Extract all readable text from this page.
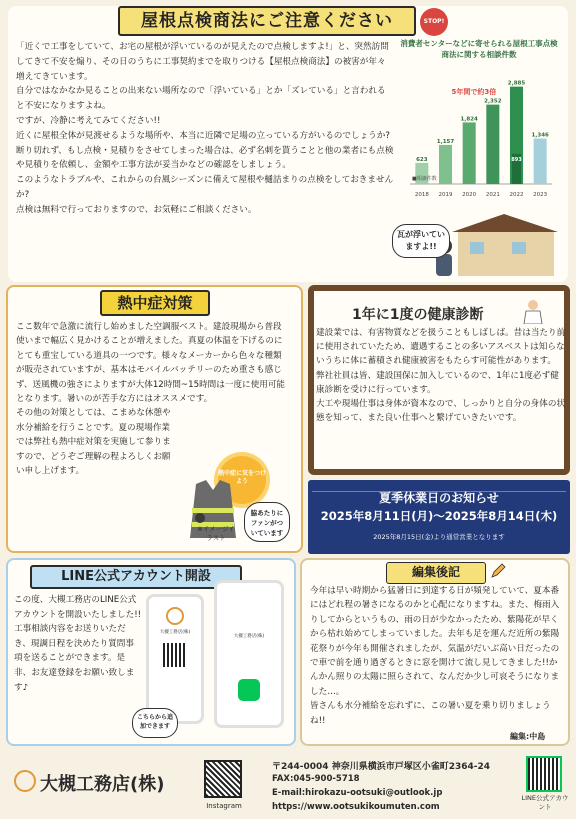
屋根点検商法にご注意ください	STOP!

「近くで工事をしていて、お宅の屋根が浮いているのが見えたので点検しますよ!」と、突然訪問してきて不安を煽り、その日のうちに工事契約までを取りつける【屋根点検商法】の被害が年々増えてきています。

自分ではなかなか見ることの出来ない場所なので「浮いている」とか「ズレている」と言われると不安になりますよね。

ですが、冷静に考えてみてください!!

近くに屋根全体が見渡せるような場所や、本当に近隣で足場の立っている方がいるのでしょうか?

断り切れず、もし点検・見積りをさせてしまった場合は、必ず名刺を貰うことと他の業者にも点検や見積りを依頼し、金額や工事方法が妥当かなどの確認をしましょう。

このようなトラブルや、これからの台風シーズンに備えて屋根や樋詰まりの点検をしておきませんか?

点検は無料で行っておりますので、お気軽にご相談ください。

消費者センターなどに寄せられる屋根工事点検商法に関する相談件数
623
2018
1,157
2019
1,824
2020
2,352
2021
2,885
2022
893
1,346
2023
5年間で約3倍
■相談件数
瓦が浮いていますよ!!
熱中症対策

ここ数年で急激に流行し始めました空調服ベスト。建設現場から普段使いまで幅広く見かけることが増えました。真夏の体温を下げるのにとても重宝している道具の一つです。様々なメーカーから色々な種類が販売されていますが、基本はモバイルバッテリーのため重さも感じず、送風機の強さによりますが大体12時間~15時間は一度に使用可能となります。暑いのが苦手な方にはオススメです。

その他の対策としては、こまめな休憩や水分補給を行うことです。夏の現場作業では弊社も熱中症対策を実施して参りますので、どうぞご理解の程よろしくお願い申し上げます。	熱中症に気をつけよう
※イメージイラスト
脇あたりにファンがついています
1年に1度の健康診断

建設業では、有害物質などを扱うこともしばしば。昔は当たり前に使用されていたため、遺遇することの多いアスベストは知らないうちに体に蓄積され健康被害をもたらす可能性があります。

弊社社員は皆、建設国保に加入しているので、1年に1度必ず健康診断を受けに行っています。

大工や現場仕事は身体が資本なので、しっかりと自分の身体の状態を知って、また良い仕事へと繋げていきたいです。

夏季休業日のお知らせ
2025年8月11日(月)～2025年8月14日(木)
2025年8月15日(金)より通常営業となります
LINE公式アカウント開設

この度、大槻工務店のLINE公式アカウントを開設いたしました!!

工事相談内容をお送りいただき、現調日程を決めたり質問事項を送ることができます。是非、お友達登録をお願い致します♪

大槻工務店(株)
大槻工務店(株)
こちらから追加できます
編集後記

今年は早い時期から猛暑日に到達する日が頻発していて、夏本番にはどれ程の暑さになるのかと心配になりますね。また、梅雨入りしてからというもの、雨の日が少なかったため、紫陽花が早くから枯れ始めてしまっていました。去年も足を運んだ近所の紫陽花祭りが今年も開催されましたが、気温がだいぶ高い日だったので車で前を通り過ぎるときに窓を開けて流し見してきました!!かんかん照りの太陽に照らされて、なんだか少し可哀そうになりました…。

皆さんも水分補給を忘れずに、この暑い夏を乗り切りましょうね!!

編集:中島
大槻工務店(株)
Instagram
〒244-0004 神奈川県横浜市戸塚区小雀町2364-24
FAX:045-900-5718
E-mail:hirokazu-ootsuki@outlook.jp
https://www.ootsukikoumuten.com
LINE公式アカウント
